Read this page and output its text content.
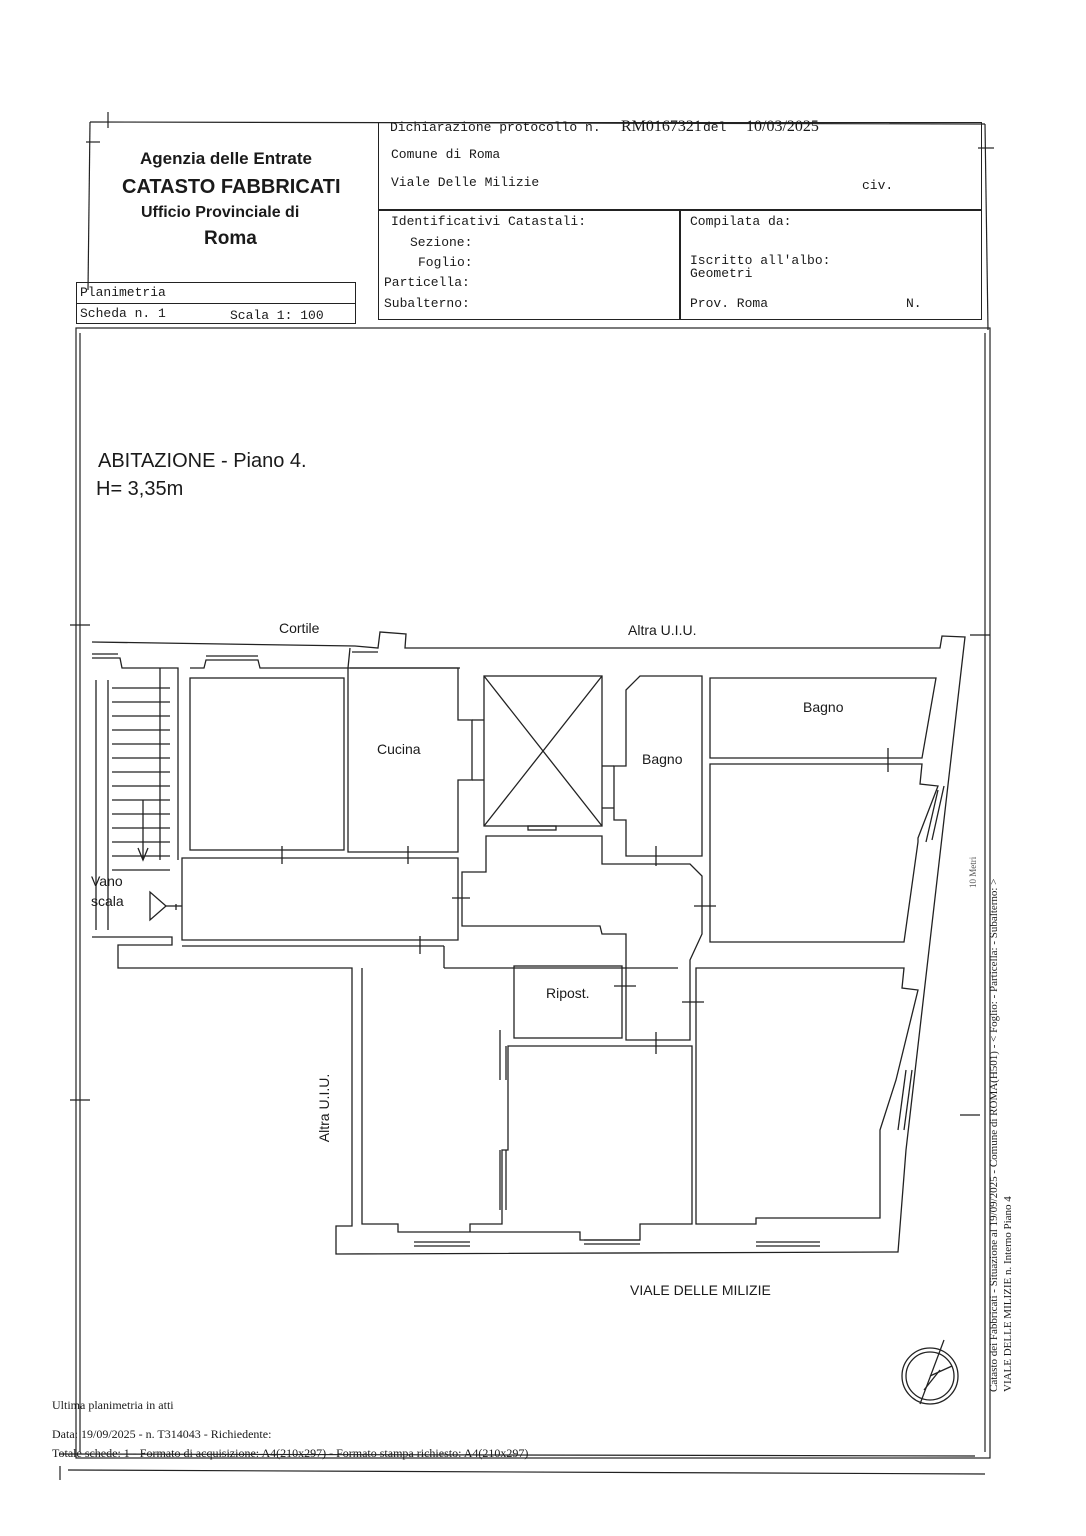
Agenzia delle Entrate
CATASTO FABBRICATI
Ufficio Provinciale di
Roma
Planimetria
Scheda n. 1	Scala 1: 100
Dichiarazione protocollo n. RM0167321 del 10/03/2025
Comune di Roma
Viale Delle Milizie	civ.
Identificativi Catastali:
Sezione:
Foglio:
Particella:
Subalterno:
Compilata da:
Iscritto all'albo:
Geometri
Prov. Roma	N.
ABITAZIONE - Piano 4.
H= 3,35m
Cortile	Altra U.I.U.
Vano
scala
Cucina
Bagno
Bagno
Ripost.
Altra U.I.U.
VIALE DELLE MILIZIE	Catasto dei Fabbricati - Situazione al 19/09/2025 - Comune di ROMA(H501) - < Foglio: - Particella: - Subalterno: > VIALE DELLE MILIZIE n. Interno Piano 4
10 Metri
Ultima planimetria in atti
Data: 19/09/2025 - n. T314043 - Richiedente:
Totale schede: 1 - Formato di acquisizione: A4(210x297) - Formato stampa richiesto: A4(210x297)
